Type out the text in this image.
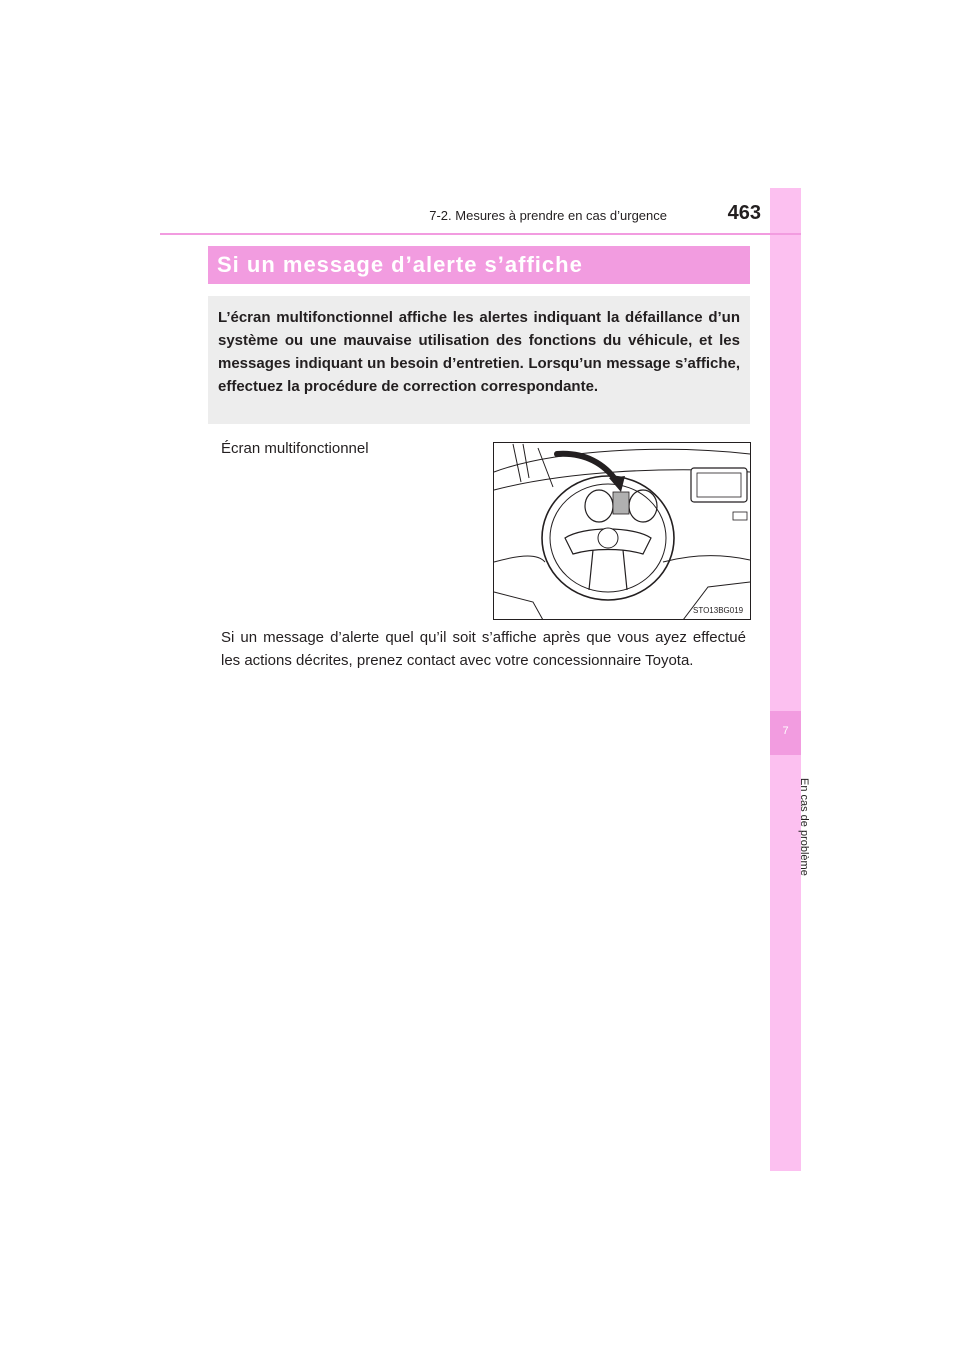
7
En cas de problème
7-2. Mesures à prendre en cas d’urgence	463
Si un message d’alerte s’affiche

L’écran multifonctionnel affiche les alertes indiquant la défaillance d’un système ou une mauvaise utilisation des fonctions du véhicule, et les messages indiquant un besoin d’entretien. Lorsqu’un message s’affiche, effectuez la procédure de correction correspondante.

Écran multifonctionnel
STO13BG019

Si un message d’alerte quel qu’il soit s’affiche après que vous ayez effectué les actions décrites, prenez contact avec votre concessionnaire Toyota.
